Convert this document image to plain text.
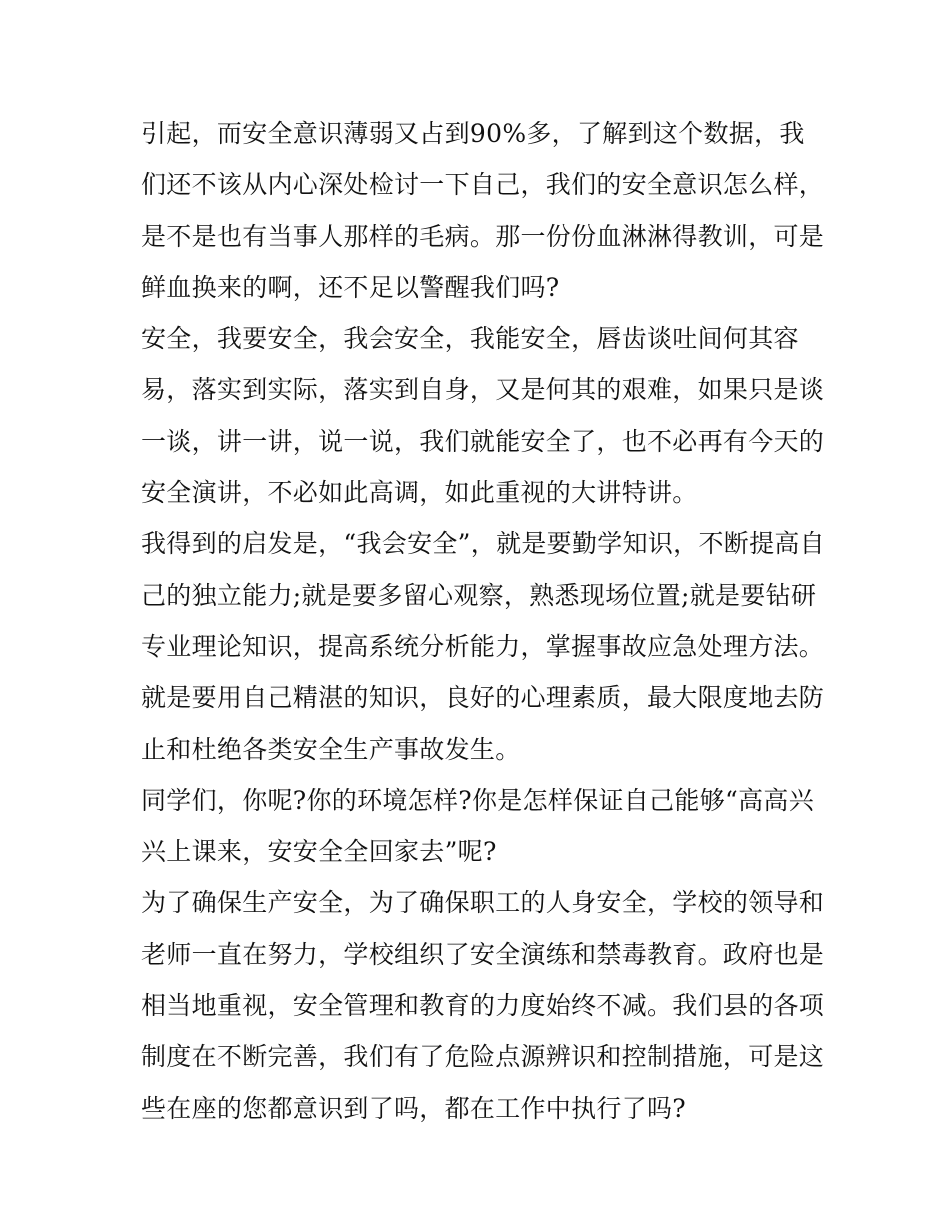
引起，而安全意识薄弱又占到90%多，了解到这个数据，我
们还不该从内心深处检讨一下自己，我们的安全意识怎么样，
是不是也有当事人那样的毛病。那一份份血淋淋得教训，可是
鲜血换来的啊，还不足以警醒我们吗?
安全，我要安全，我会安全，我能安全，唇齿谈吐间何其容
易，落实到实际，落实到自身，又是何其的艰难，如果只是谈
一谈，讲一讲，说一说，我们就能安全了，也不必再有今天的
安全演讲，不必如此高调，如此重视的大讲特讲。
我得到的启发是，“我会安全”，就是要勤学知识，不断提高自
己的独立能力;就是要多留心观察，熟悉现场位置;就是要钻研
专业理论知识，提高系统分析能力，掌握事故应急处理方法。
就是要用自己精湛的知识，良好的心理素质，最大限度地去防
止和杜绝各类安全生产事故发生。
同学们，你呢?你的环境怎样?你是怎样保证自己能够“高高兴
兴上课来，安安全全回家去”呢?
为了确保生产安全，为了确保职工的人身安全，学校的领导和
老师一直在努力，学校组织了安全演练和禁毒教育。政府也是
相当地重视，安全管理和教育的力度始终不减。我们县的各项
制度在不断完善，我们有了危险点源辨识和控制措施，可是这
些在座的您都意识到了吗，都在工作中执行了吗?
